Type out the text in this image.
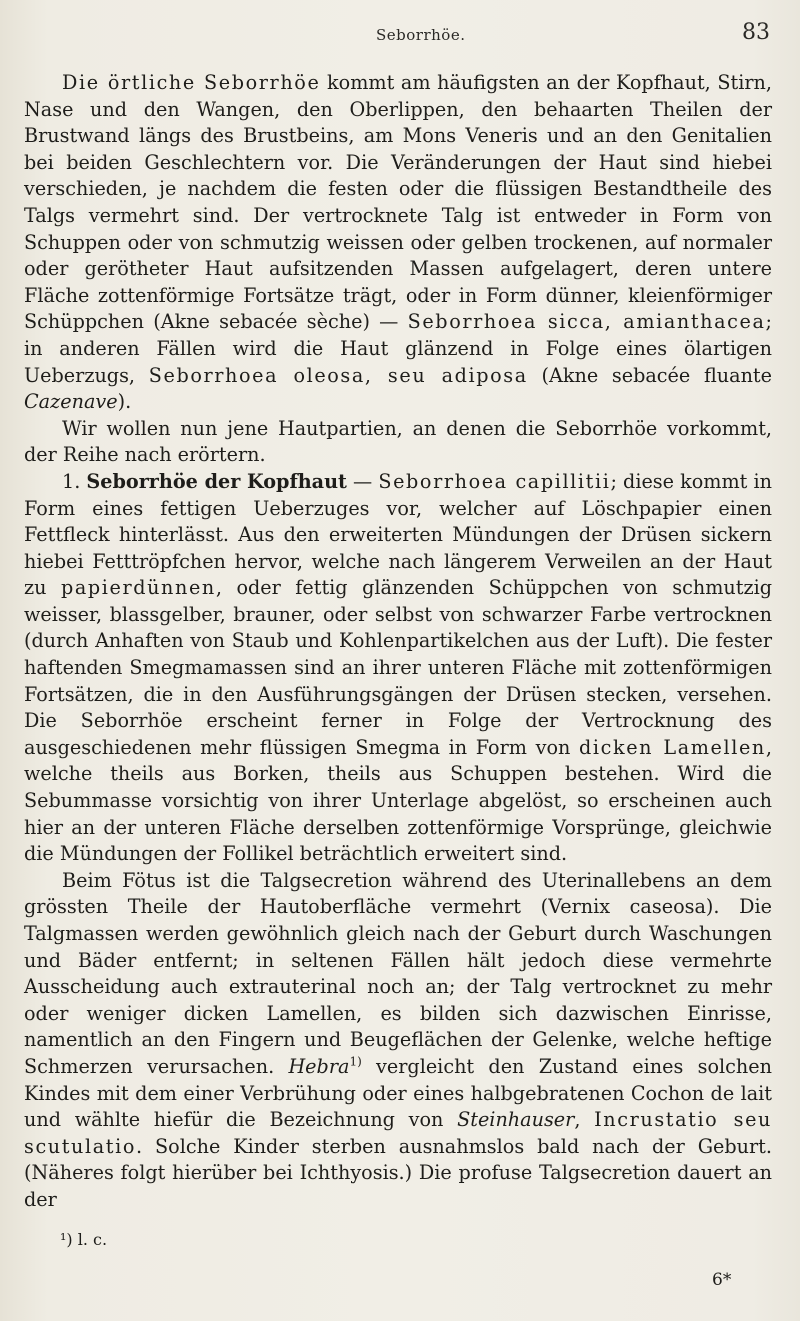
Seborrhöe.	83

Die örtliche Seborrhöe kommt am häufigsten an der Kopfhaut, Stirn, Nase und den Wangen, den Oberlippen, den behaarten Theilen der Brustwand längs des Brustbeins, am Mons Veneris und an den Genitalien bei beiden Geschlechtern vor. Die Veränderungen der Haut sind hiebei verschieden, je nachdem die festen oder die flüssigen Bestandtheile des Talgs vermehrt sind. Der vertrocknete Talg ist entweder in Form von Schuppen oder von schmutzig weissen oder gelben trockenen, auf normaler oder gerötheter Haut aufsitzenden Massen aufgelagert, deren untere Fläche zottenförmige Fortsätze trägt, oder in Form dünner, kleienförmiger Schüppchen (Akne sebacée sèche) — Seborrhoea sicca, amianthacea; in anderen Fällen wird die Haut glänzend in Folge eines ölartigen Ueberzugs, Seborrhoea oleosa, seu adiposa (Akne sebacée fluante Cazenave).

Wir wollen nun jene Hautpartien, an denen die Seborrhöe vorkommt, der Reihe nach erörtern.

1. Seborrhöe der Kopfhaut — Seborrhoea capillitii; diese kommt in Form eines fettigen Ueberzuges vor, welcher auf Löschpapier einen Fettfleck hinterlässt. Aus den erweiterten Mündungen der Drüsen sickern hiebei Fetttröpfchen hervor, welche nach längerem Verweilen an der Haut zu papierdünnen, oder fettig glänzenden Schüppchen von schmutzig weisser, blassgelber, brauner, oder selbst von schwarzer Farbe vertrocknen (durch Anhaften von Staub und Kohlenpartikelchen aus der Luft). Die fester haftenden Smegmamassen sind an ihrer unteren Fläche mit zottenförmigen Fortsätzen, die in den Ausführungsgängen der Drüsen stecken, versehen. Die Seborrhöe erscheint ferner in Folge der Vertrocknung des ausgeschiedenen mehr flüssigen Smegma in Form von dicken Lamellen, welche theils aus Borken, theils aus Schuppen bestehen. Wird die Sebummasse vorsichtig von ihrer Unterlage abgelöst, so erscheinen auch hier an der unteren Fläche derselben zottenförmige Vorsprünge, gleichwie die Mündungen der Follikel beträchtlich erweitert sind.

Beim Fötus ist die Talgsecretion während des Uterinallebens an dem grössten Theile der Hautoberfläche vermehrt (Vernix caseosa). Die Talgmassen werden gewöhnlich gleich nach der Geburt durch Waschungen und Bäder entfernt; in seltenen Fällen hält jedoch diese vermehrte Ausscheidung auch extrauterinal noch an; der Talg vertrocknet zu mehr oder weniger dicken Lamellen, es bilden sich dazwischen Einrisse, namentlich an den Fingern und Beugeflächen der Gelenke, welche heftige Schmerzen verursachen. Hebra$^{1)}$ vergleicht den Zustand eines solchen Kindes mit dem einer Verbrühung oder eines halbgebratenen Cochon de lait und wählte hiefür die Bezeichnung von Steinhauser, Incrustatio seu scutulatio. Solche Kinder sterben ausnahmslos bald nach der Geburt. (Näheres folgt hierüber bei Ichthyosis.) Die profuse Talgsecretion dauert an der

¹) l. c.
6*
